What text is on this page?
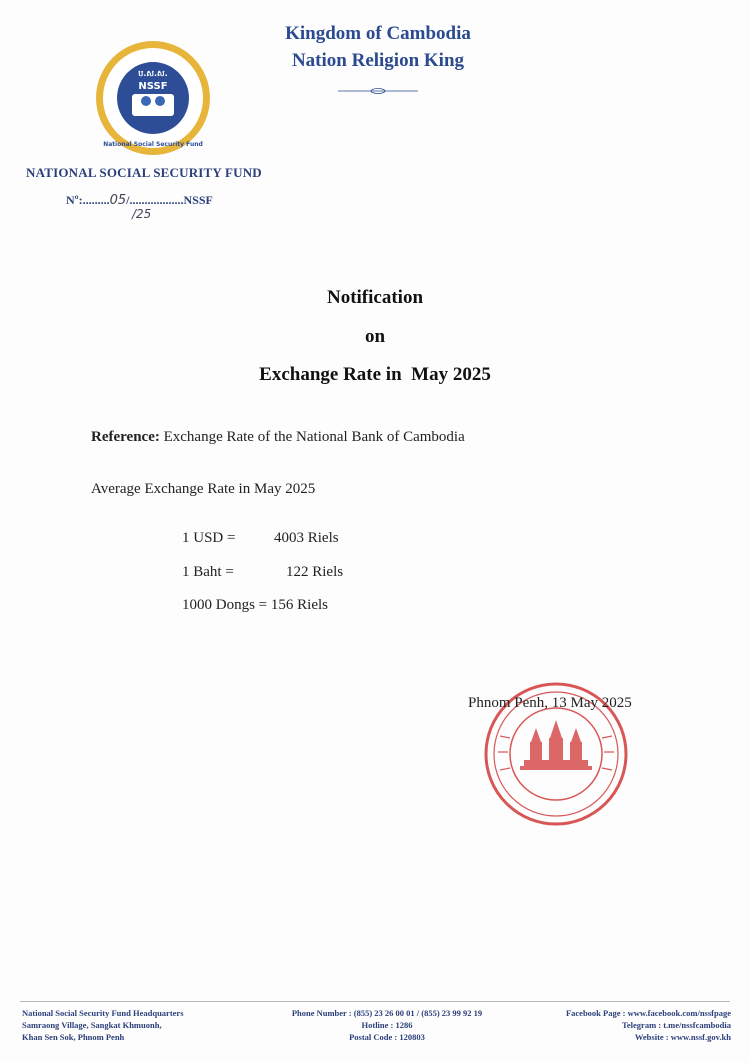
ប.ស.ស.
NSSF
National Social Security Fund
Kingdom of Cambodia
Nation Religion King
NATIONAL SOCIAL SECURITY FUND
Nº:.........05/..................NSSF
/25
Notification
on
Exchange Rate in  May 2025
Reference: Exchange Rate of the National Bank of Cambodia
Average Exchange Rate in May 2025
1 USD =	4003 Riels
1 Baht =	122 Riels
1000 Dongs = 156 Riels
Phnom Penh, 13 May 2025
National Social Security Fund Headquarters
Samraong Village, Sangkat Khmuonh,
Khan Sen Sok, Phnom Penh
Phone Number : (855) 23 26 00 01 / (855) 23 99 92 19
Hotline : 1286
Postal Code : 120803
Facebook Page : www.facebook.com/nssfpage
Telegram : t.me/nssfcambodia
Website : www.nssf.gov.kh
